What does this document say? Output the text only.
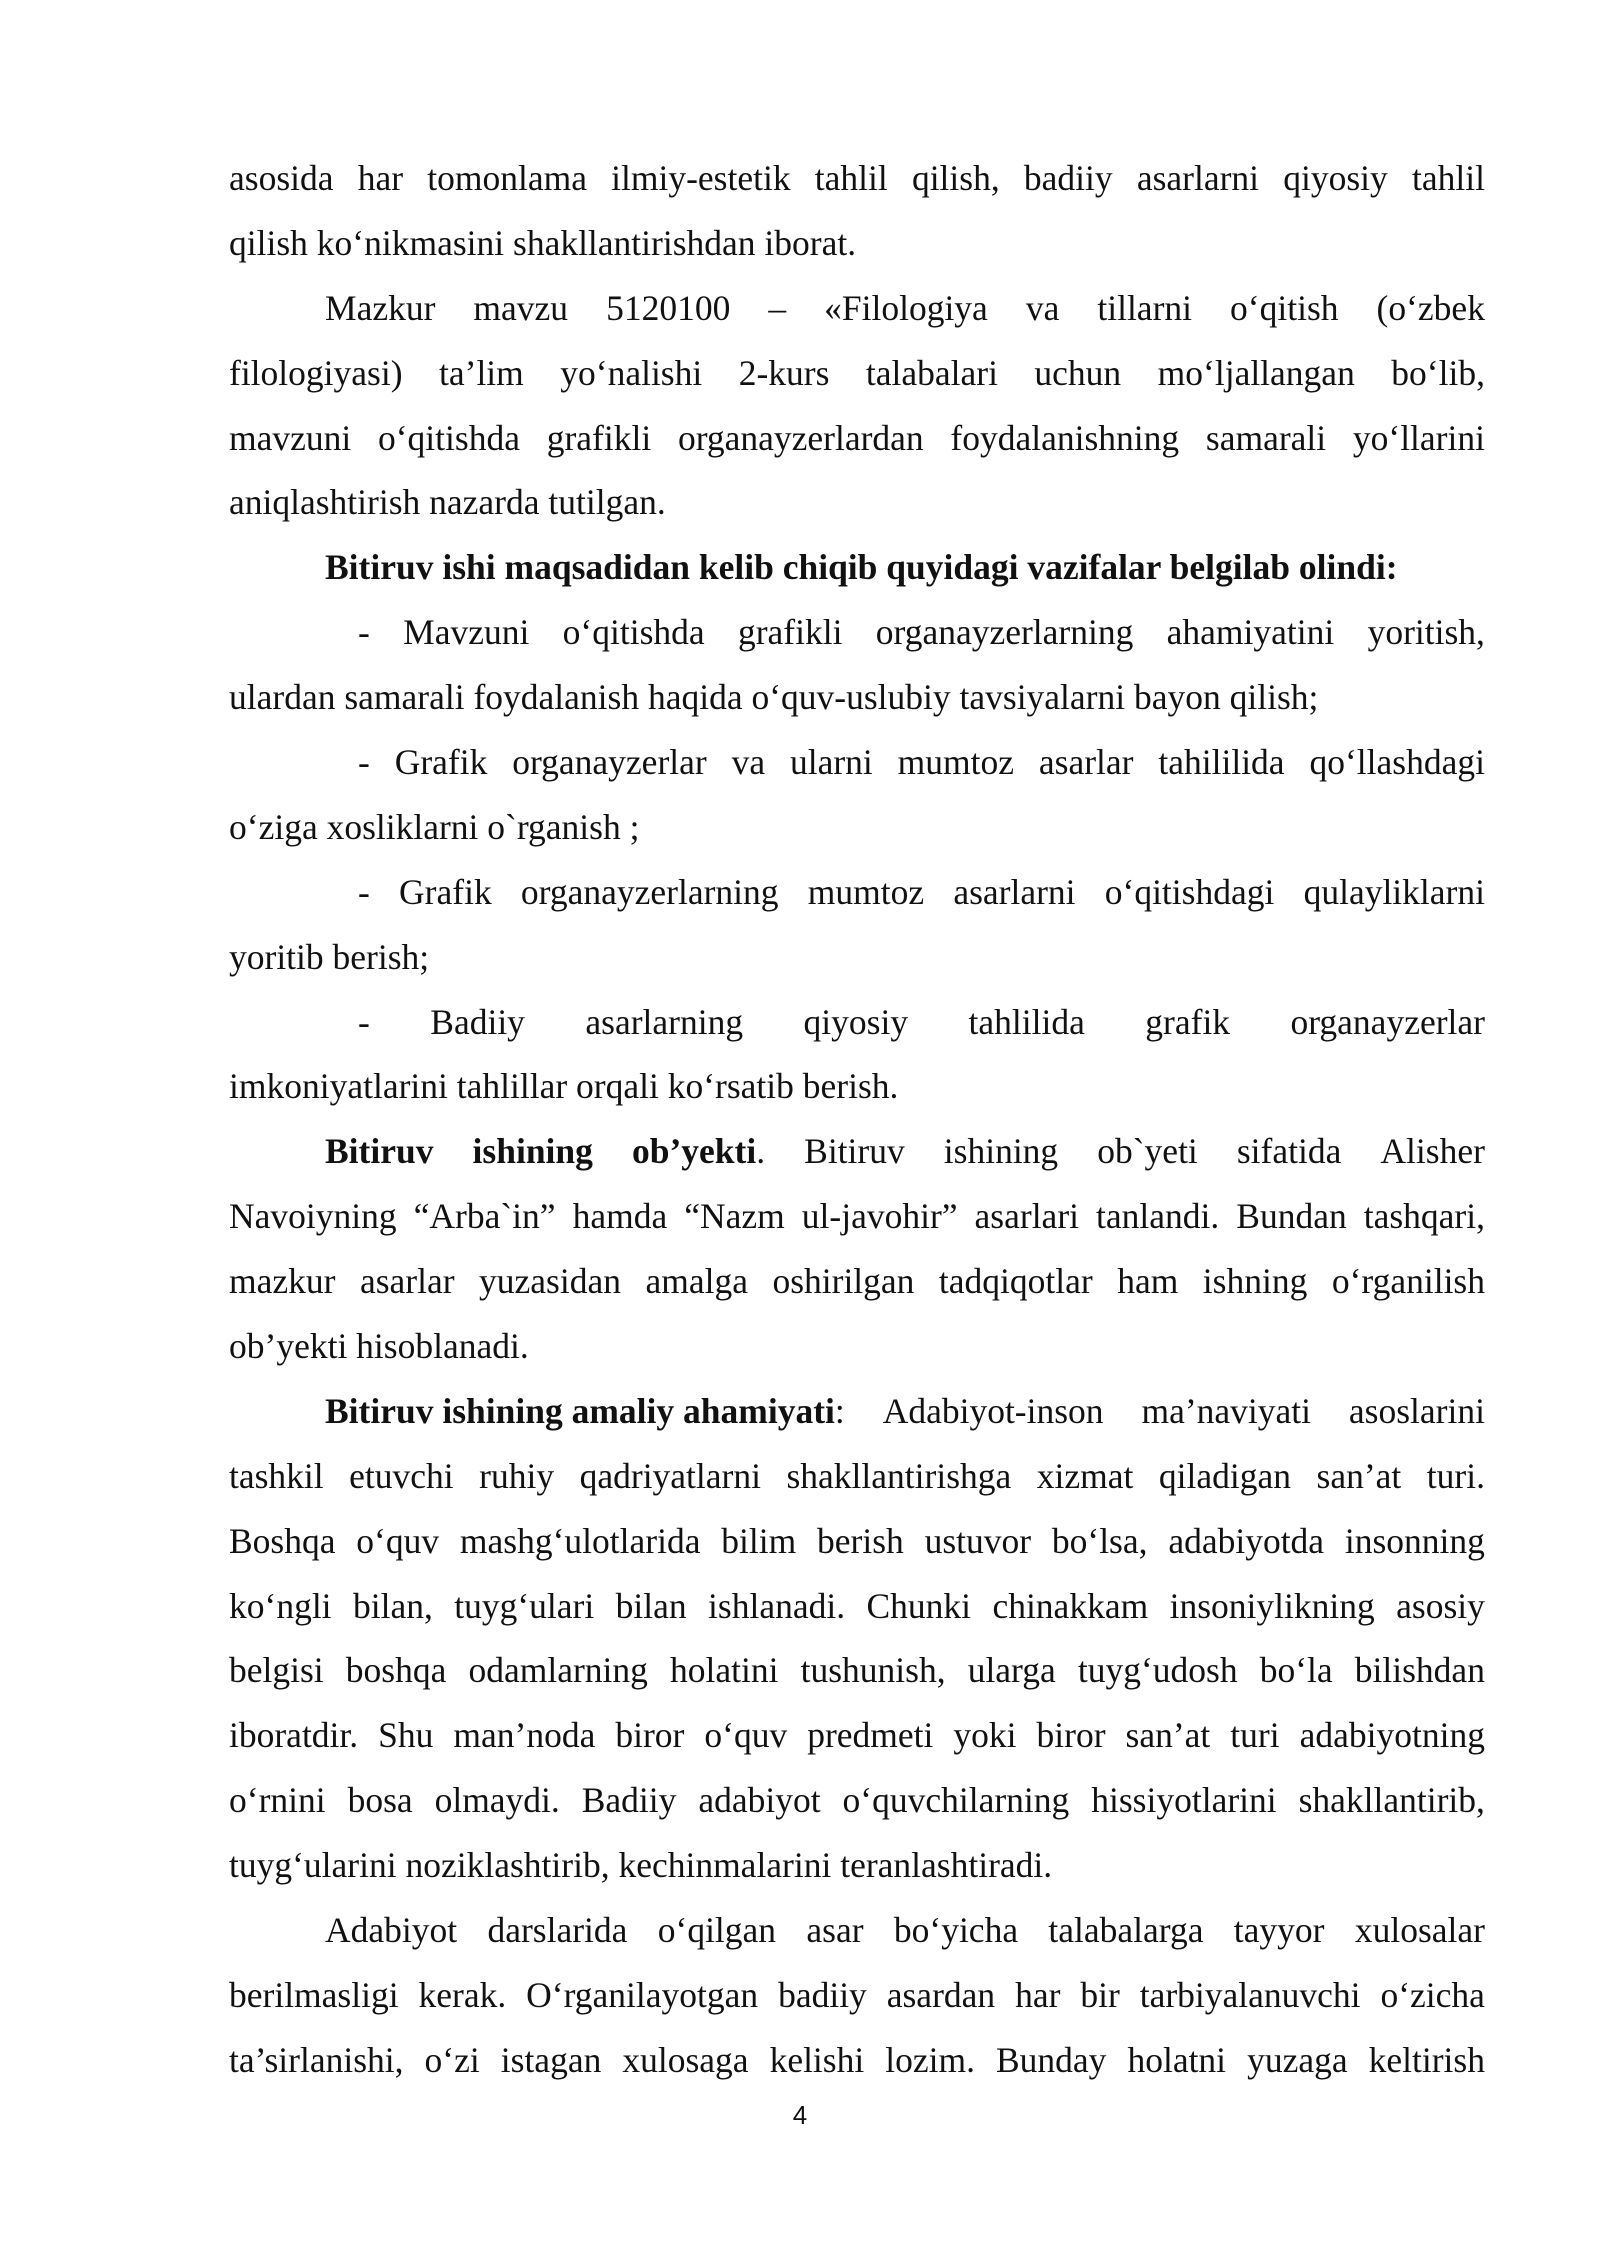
asosida har tomonlama ilmiy-estetik tahlil qilish, badiiy asarlarni qiyosiy tahlil
qilish ko‘nikmasini shakllantirishdan iborat.
Mazkur mavzu 5120100 – «Filologiya va tillarni o‘qitish (o‘zbek
filologiyasi) ta’lim yo‘nalishi 2-kurs talabalari uchun mo‘ljallangan bo‘lib,
mavzuni o‘qitishda grafikli organayzerlardan foydalanishning samarali yo‘llarini
aniqlashtirish nazarda tutilgan.
Bitiruv ishi maqsadidan kelib chiqib quyidagi vazifalar belgilab olindi:
- Mavzuni o‘qitishda grafikli organayzerlarning ahamiyatini yoritish,
ulardan samarali foydalanish haqida o‘quv-uslubiy tavsiyalarni bayon qilish;
- Grafik organayzerlar va ularni mumtoz asarlar tahililida qo‘llashdagi
o‘ziga xosliklarni o`rganish ;
- Grafik organayzerlarning mumtoz asarlarni o‘qitishdagi qulayliklarni
yoritib berish;
- Badiiy asarlarning qiyosiy tahlilida grafik organayzerlar
imkoniyatlarini tahlillar orqali ko‘rsatib berish.
Bitiruv ishining ob’yekti. Bitiruv ishining ob`yeti sifatida Alisher
Navoiyning “Arba`in” hamda “Nazm ul-javohir” asarlari tanlandi. Bundan tashqari,
mazkur asarlar yuzasidan amalga oshirilgan tadqiqotlar ham ishning o‘rganilish
ob’yekti hisoblanadi.
Bitiruv ishining amaliy ahamiyati: Adabiyot-inson ma’naviyati asoslarini
tashkil etuvchi ruhiy qadriyatlarni shakllantirishga xizmat qiladigan san’at turi.
Boshqa o‘quv mashg‘ulotlarida bilim berish ustuvor bo‘lsa, adabiyotda insonning
ko‘ngli bilan, tuyg‘ulari bilan ishlanadi. Chunki chinakkam insoniylikning asosiy
belgisi boshqa odamlarning holatini tushunish, ularga tuyg‘udosh bo‘la bilishdan
iboratdir. Shu man’noda biror o‘quv predmeti yoki biror san’at turi adabiyotning
o‘rnini bosa olmaydi. Badiiy adabiyot o‘quvchilarning hissiyotlarini shakllantirib,
tuyg‘ularini noziklashtirib, kechinmalarini teranlashtiradi.
Adabiyot darslarida o‘qilgan asar bo‘yicha talabalarga tayyor xulosalar
berilmasligi kerak. O‘rganilayotgan badiiy asardan har bir tarbiyalanuvchi o‘zicha
ta’sirlanishi, o‘zi istagan xulosaga kelishi lozim. Bunday holatni yuzaga keltirish
4
